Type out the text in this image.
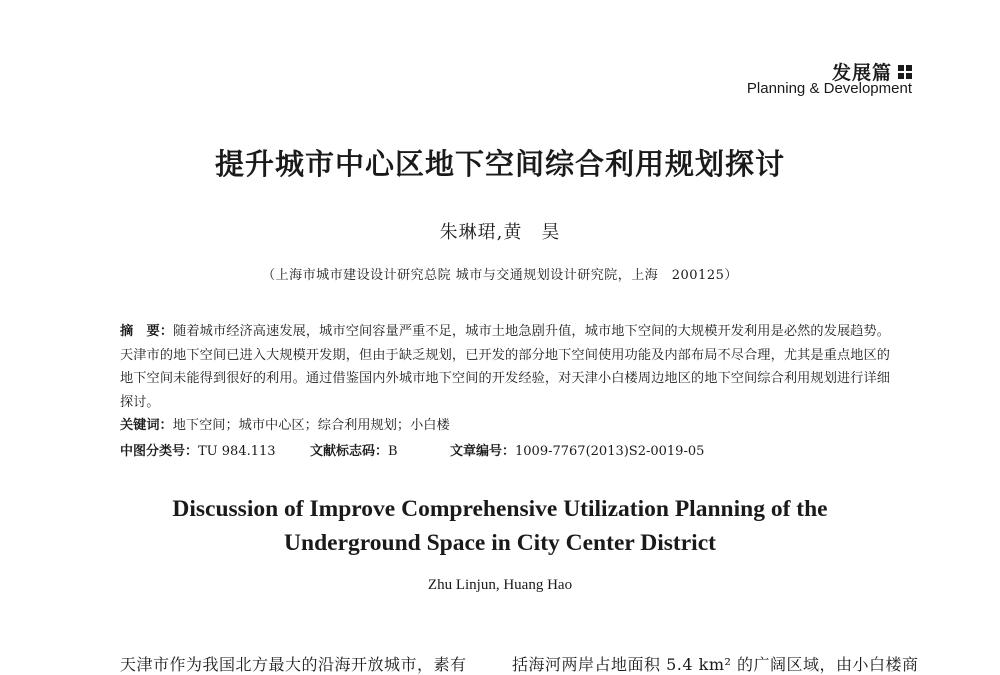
发展篇
Planning & Development
提升城市中心区地下空间综合利用规划探讨
朱琳珺,黄　昊
（上海市城市建设设计研究总院 城市与交通规划设计研究院，上海　200125）
摘　要：随着城市经济高速发展，城市空间容量严重不足，城市土地急剧升值，城市地下空间的大规模开发利用是必然的发展趋势。天津市的地下空间已进入大规模开发期，但由于缺乏规划，已开发的部分地下空间使用功能及内部布局不尽合理，尤其是重点地区的地下空间未能得到很好的利用。通过借鉴国内外城市地下空间的开发经验，对天津小白楼周边地区的地下空间综合利用规划进行详细探讨。
关键词：地下空间；城市中心区；综合利用规划；小白楼
中图分类号：TU 984.113	文献标志码：B	文章编号：1009-7767(2013)S2-0019-05
Discussion of Improve Comprehensive Utilization Planning of the
Underground Space in City Center District
Zhu Linjun, Huang Hao
天津市作为我国北方最大的沿海开放城市，素有	括海河两岸占地面积 5.4 km² 的广阔区域，由小白楼商
